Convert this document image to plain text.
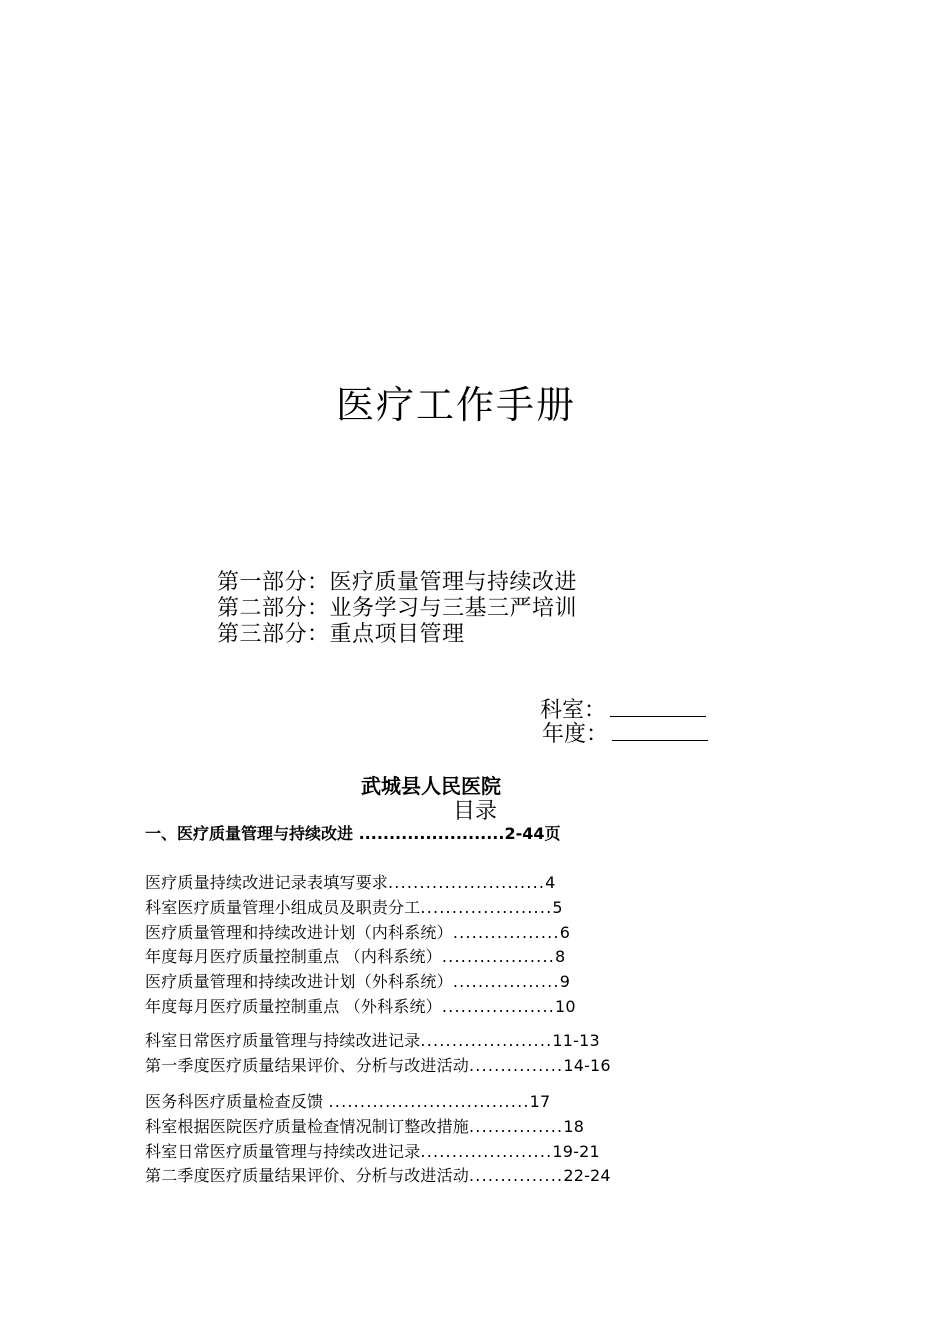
医疗工作手册
第一部分：医疗质量管理与持续改进
第二部分：业务学习与三基三严培训
第三部分：重点项目管理
科室：
年度：
武城县人民医院
目录
一、医疗质量管理与持续改进 ........................2-44页
医疗质量持续改进记录表填写要求.........................4
科室医疗质量管理小组成员及职责分工.....................5
医疗质量管理和持续改进计划（内科系统）.................6
年度每月医疗质量控制重点 （内科系统）..................8
医疗质量管理和持续改进计划（外科系统）.................9
年度每月医疗质量控制重点 （外科系统）..................10
科室日常医疗质量管理与持续改进记录.....................11-13
第一季度医疗质量结果评价、分析与改进活动...............14-16
医务科医疗质量检查反馈 ................................17
科室根据医院医疗质量检查情况制订整改措施...............18
科室日常医疗质量管理与持续改进记录.....................19-21
第二季度医疗质量结果评价、分析与改进活动...............22-24
